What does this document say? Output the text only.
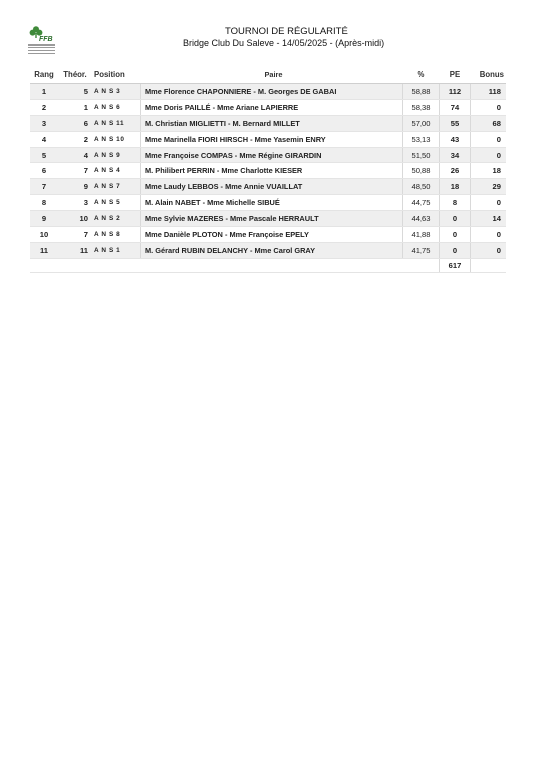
FFB
TOURNOI DE RÉGULARITÉ
Bridge Club Du Saleve - 14/05/2025 - (Après-midi)
Rang	Théor.	Position	Paire	%	PE	Bonus
1	5	A N S 3	Mme Florence CHAPONNIERE - M. Georges DE GABAI	58,88	112	118
2	1	A N S 6	Mme Doris PAILLÉ - Mme Ariane LAPIERRE	58,38	74	0
3	6	A N S 11	M. Christian MIGLIETTI - M. Bernard MILLET	57,00	55	68
4	2	A N S 10	Mme Marinella FIORI HIRSCH - Mme Yasemin ENRY	53,13	43	0
5	4	A N S 9	Mme Françoise COMPAS - Mme Régine GIRARDIN	51,50	34	0
6	7	A N S 4	M. Philibert PERRIN - Mme Charlotte KIESER	50,88	26	18
7	9	A N S 7	Mme Laudy LEBBOS - Mme Annie VUAILLAT	48,50	18	29
8	3	A N S 5	M. Alain NABET - Mme Michelle SIBUÉ	44,75	8	0
9	10	A N S 2	Mme Sylvie MAZERES - Mme Pascale HERRAULT	44,63	0	14
10	7	A N S 8	Mme Danièle PLOTON - Mme Françoise EPELY	41,88	0	0
11	11	A N S 1	M. Gérard RUBIN DELANCHY - Mme Carol GRAY	41,75	0	0
					617	
